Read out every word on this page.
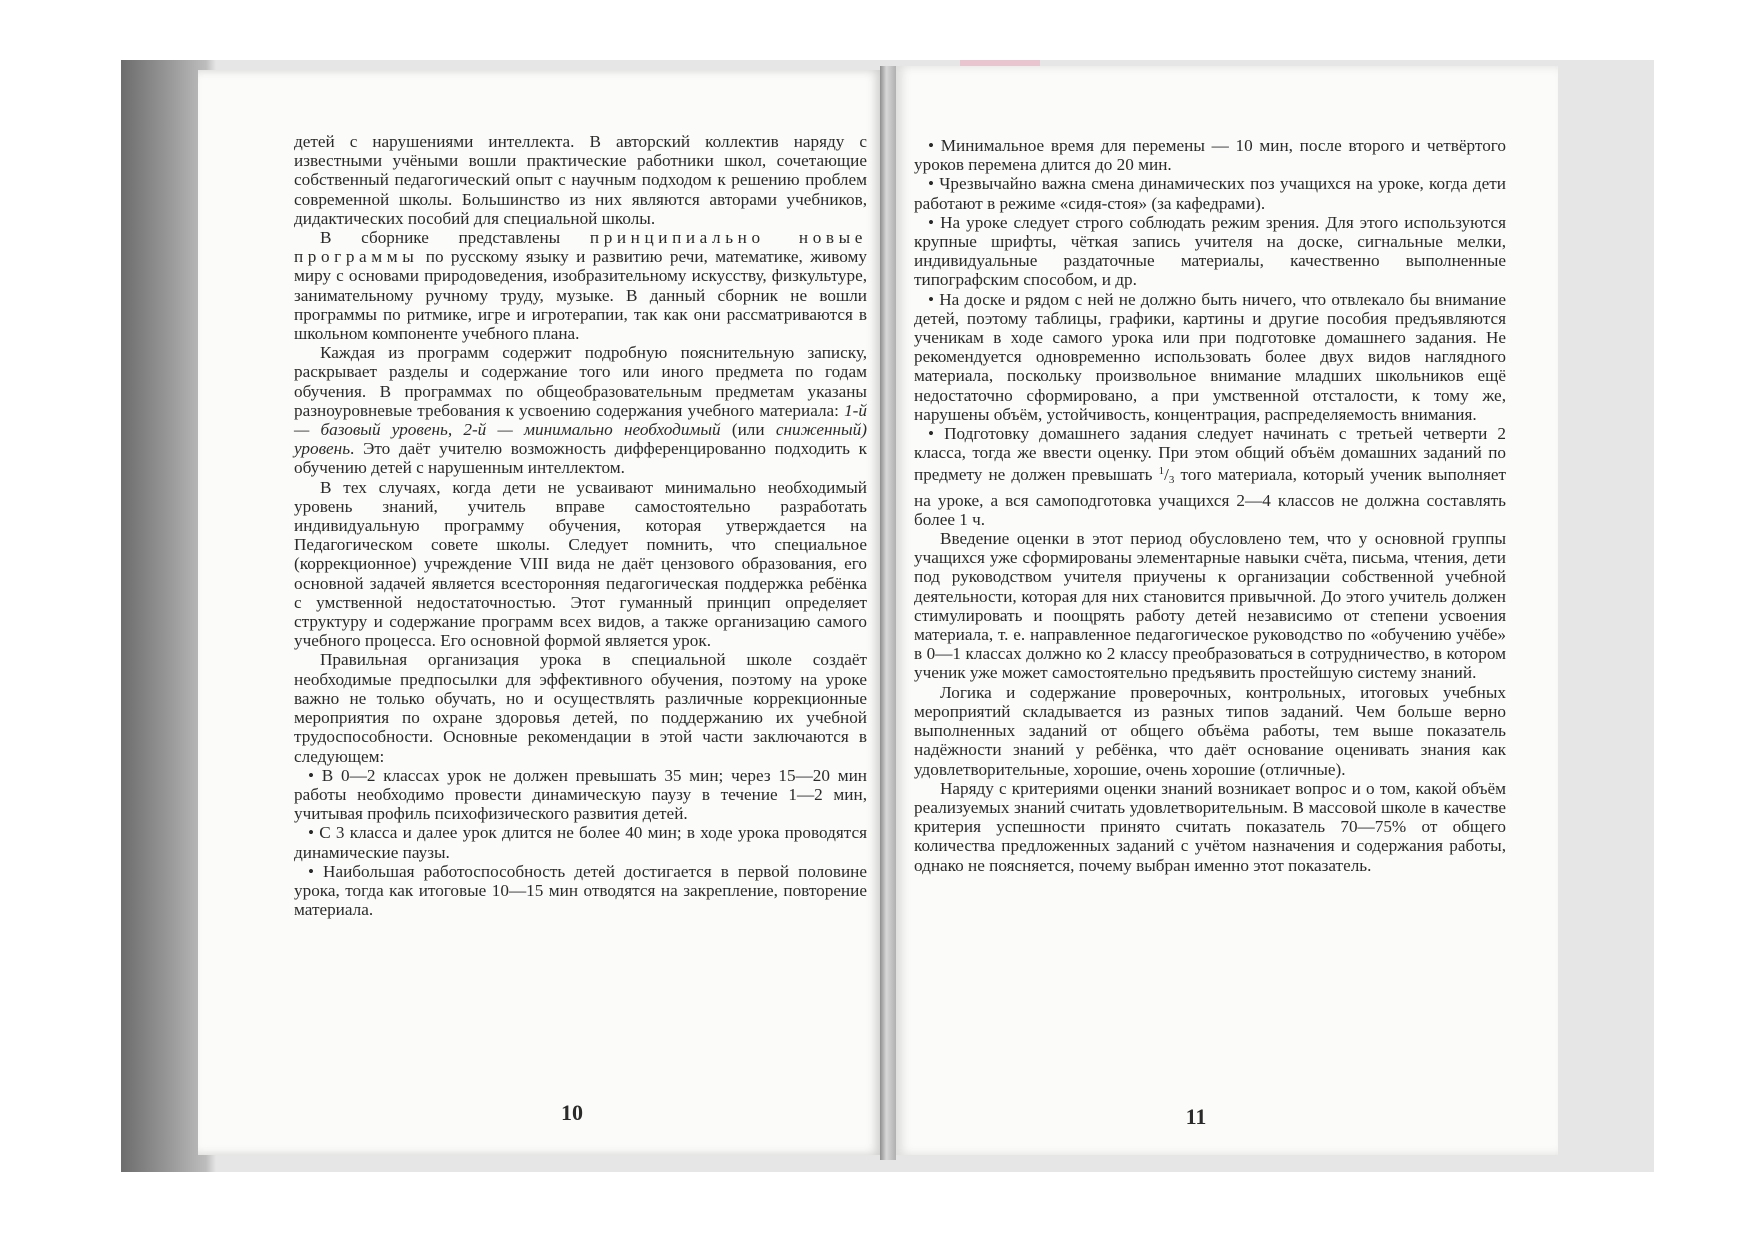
детей с нарушениями интеллекта. В авторский коллектив наряду с известными учёными вошли практические работники школ, сочетающие собственный педагогический опыт с научным подходом к решению проблем современной школы. Большинство из них являются авторами учебников, дидактических пособий для специальной школы.

В сборнике представлены принципиально новые программы по русскому языку и развитию речи, математике, живому миру с основами природоведения, изобразительному искусству, физкультуре, занимательному ручному труду, музыке. В данный сборник не вошли программы по ритмике, игре и игротерапии, так как они рассматриваются в школьном компоненте учебного плана.

Каждая из программ содержит подробную пояснительную записку, раскрывает разделы и содержание того или иного предмета по годам обучения. В программах по общеобразовательным предметам указаны разноуровневые требования к усвоению содержания учебного материала: 1-й — базовый уровень, 2-й — минимально необходимый (или сниженный) уровень. Это даёт учителю возможность дифференцированно подходить к обучению детей с нарушенным интеллектом.

В тех случаях, когда дети не усваивают минимально необходимый уровень знаний, учитель вправе самостоятельно разработать индивидуальную программу обучения, которая утверждается на Педагогическом совете школы. Следует помнить, что специальное (коррекционное) учреждение VIII вида не даёт цензового образования, его основной задачей является всесторонняя педагогическая поддержка ребёнка с умственной недостаточностью. Этот гуманный принцип определяет структуру и содержание программ всех видов, а также организацию самого учебного процесса. Его основной формой является урок.

Правильная организация урока в специальной школе создаёт необходимые предпосылки для эффективного обучения, поэтому на уроке важно не только обучать, но и осуществлять различные коррекционные мероприятия по охране здоровья детей, по поддержанию их учебной трудоспособности. Основные рекомендации в этой части заключаются в следующем:

• В 0—2 классах урок не должен превышать 35 мин; через 15—20 мин работы необходимо провести динамическую паузу в течение 1—2 мин, учитывая профиль психофизического развития детей.

• С 3 класса и далее урок длится не более 40 мин; в ходе урока проводятся динамические паузы.

• Наибольшая работоспособность детей достигается в первой половине урока, тогда как итоговые 10—15 мин отводятся на закрепление, повторение материала.

10

• Минимальное время для перемены — 10 мин, после второго и четвёртого уроков перемена длится до 20 мин.

• Чрезвычайно важна смена динамических поз учащихся на уроке, когда дети работают в режиме «сидя-стоя» (за кафедрами).

• На уроке следует строго соблюдать режим зрения. Для этого используются крупные шрифты, чёткая запись учителя на доске, сигнальные мелки, индивидуальные раздаточные материалы, качественно выполненные типографским способом, и др.

• На доске и рядом с ней не должно быть ничего, что отвлекало бы внимание детей, поэтому таблицы, графики, картины и другие пособия предъявляются ученикам в ходе самого урока или при подготовке домашнего задания. Не рекомендуется одновременно использовать более двух видов наглядного материала, поскольку произвольное внимание младших школьников ещё недостаточно сформировано, а при умственной отсталости, к тому же, нарушены объём, устойчивость, концентрация, распределяемость внимания.

• Подготовку домашнего задания следует начинать с третьей четверти 2 класса, тогда же ввести оценку. При этом общий объём домашних заданий по предмету не должен превышать $^1/_3$ того материала, который ученик выполняет на уроке, а вся самоподготовка учащихся 2—4 классов не должна составлять более 1 ч.

Введение оценки в этот период обусловлено тем, что у основной группы учащихся уже сформированы элементарные навыки счёта, письма, чтения, дети под руководством учителя приучены к организации собственной учебной деятельности, которая для них становится привычной. До этого учитель должен стимулировать и поощрять работу детей независимо от степени усвоения материала, т. е. направленное педагогическое руководство по «обучению учёбе» в 0—1 классах должно ко 2 классу преобразоваться в сотрудничество, в котором ученик уже может самостоятельно предъявить простейшую систему знаний.

Логика и содержание проверочных, контрольных, итоговых учебных мероприятий складывается из разных типов заданий. Чем больше верно выполненных заданий от общего объёма работы, тем выше показатель надёжности знаний у ребёнка, что даёт основание оценивать знания как удовлетворительные, хорошие, очень хорошие (отличные).

Наряду с критериями оценки знаний возникает вопрос и о том, какой объём реализуемых знаний считать удовлетворительным. В массовой школе в качестве критерия успешности принято считать показатель 70—75% от общего количества предложенных заданий с учётом назначения и содержания работы, однако не поясняется, почему выбран именно этот показатель.

11
